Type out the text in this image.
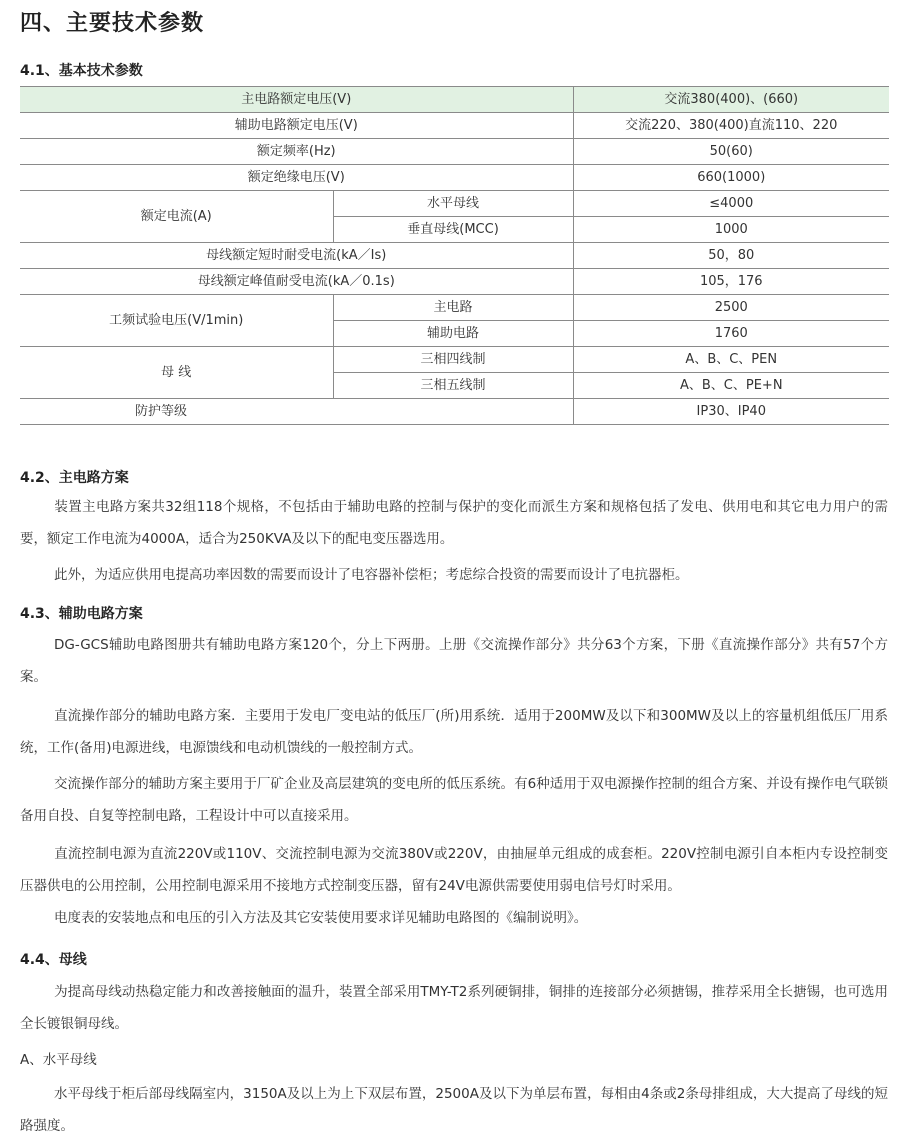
四、主要技术参数
4.1、基本技术参数
主电路额定电压(V)		交流380(400)、(660)
辅助电路额定电压(V)		交流220、380(400)直流110、220
额定频率(Hz)		50(60)
额定绝缘电压(V)		660(1000)
额定电流(A)	水平母线	≤4000
	垂直母线(MCC)	1000
母线额定短时耐受电流(kA／Is)		50，80
母线额定峰值耐受电流(kA／0.1s)		105，176
工频试验电压(V/1min)	主电路	2500
	辅助电路	1760
母 线	三相四线制	A、B、C、PEN
	三相五线制	A、B、C、PE+N
防护等级		IP30、IP40
4.2、主电路方案

装置主电路方案共32组118个规格，不包括由于辅助电路的控制与保护的变化而派生方案和规格包括了发电、供用电和其它电力用户的需要，额定工作电流为4000A，适合为250KVA及以下的配电变压器选用。

此外，为适应供用电提高功率因数的需要而设计了电容器补偿柜；考虑综合投资的需要而设计了电抗器柜。

4.3、辅助电路方案

DG-GCS辅助电路图册共有辅助电路方案120个，分上下两册。上册《交流操作部分》共分63个方案，下册《直流操作部分》共有57个方案。

直流操作部分的辅助电路方案．主要用于发电厂变电站的低压厂(所)用系统．适用于200MW及以下和300MW及以上的容量机组低压厂用系统，工作(备用)电源进线，电源馈线和电动机馈线的一般控制方式。

交流操作部分的辅助方案主要用于厂矿企业及高层建筑的变电所的低压系统。有6种适用于双电源操作控制的组合方案、并设有操作电气联锁备用自投、自复等控制电路，工程设计中可以直接采用。

直流控制电源为直流220V或110V、交流控制电源为交流380V或220V，由抽屉单元组成的成套柜。220V控制电源引自本柜内专设控制变压器供电的公用控制，公用控制电源采用不接地方式控制变压器，留有24V电源供需要使用弱电信号灯时采用。

电度表的安装地点和电压的引入方法及其它安装使用要求详见辅助电路图的《编制说明》。

4.4、母线

为提高母线动热稳定能力和改善接触面的温升，装置全部采用TMY-T2系列硬铜排，铜排的连接部分必须搪锡，推荐采用全长搪锡，也可选用全长镀银铜母线。

A、水平母线

水平母线于柜后部母线隔室内，3150A及以上为上下双层布置，2500A及以下为单层布置，每相由4条或2条母排组成，大大提高了母线的短路强度。
